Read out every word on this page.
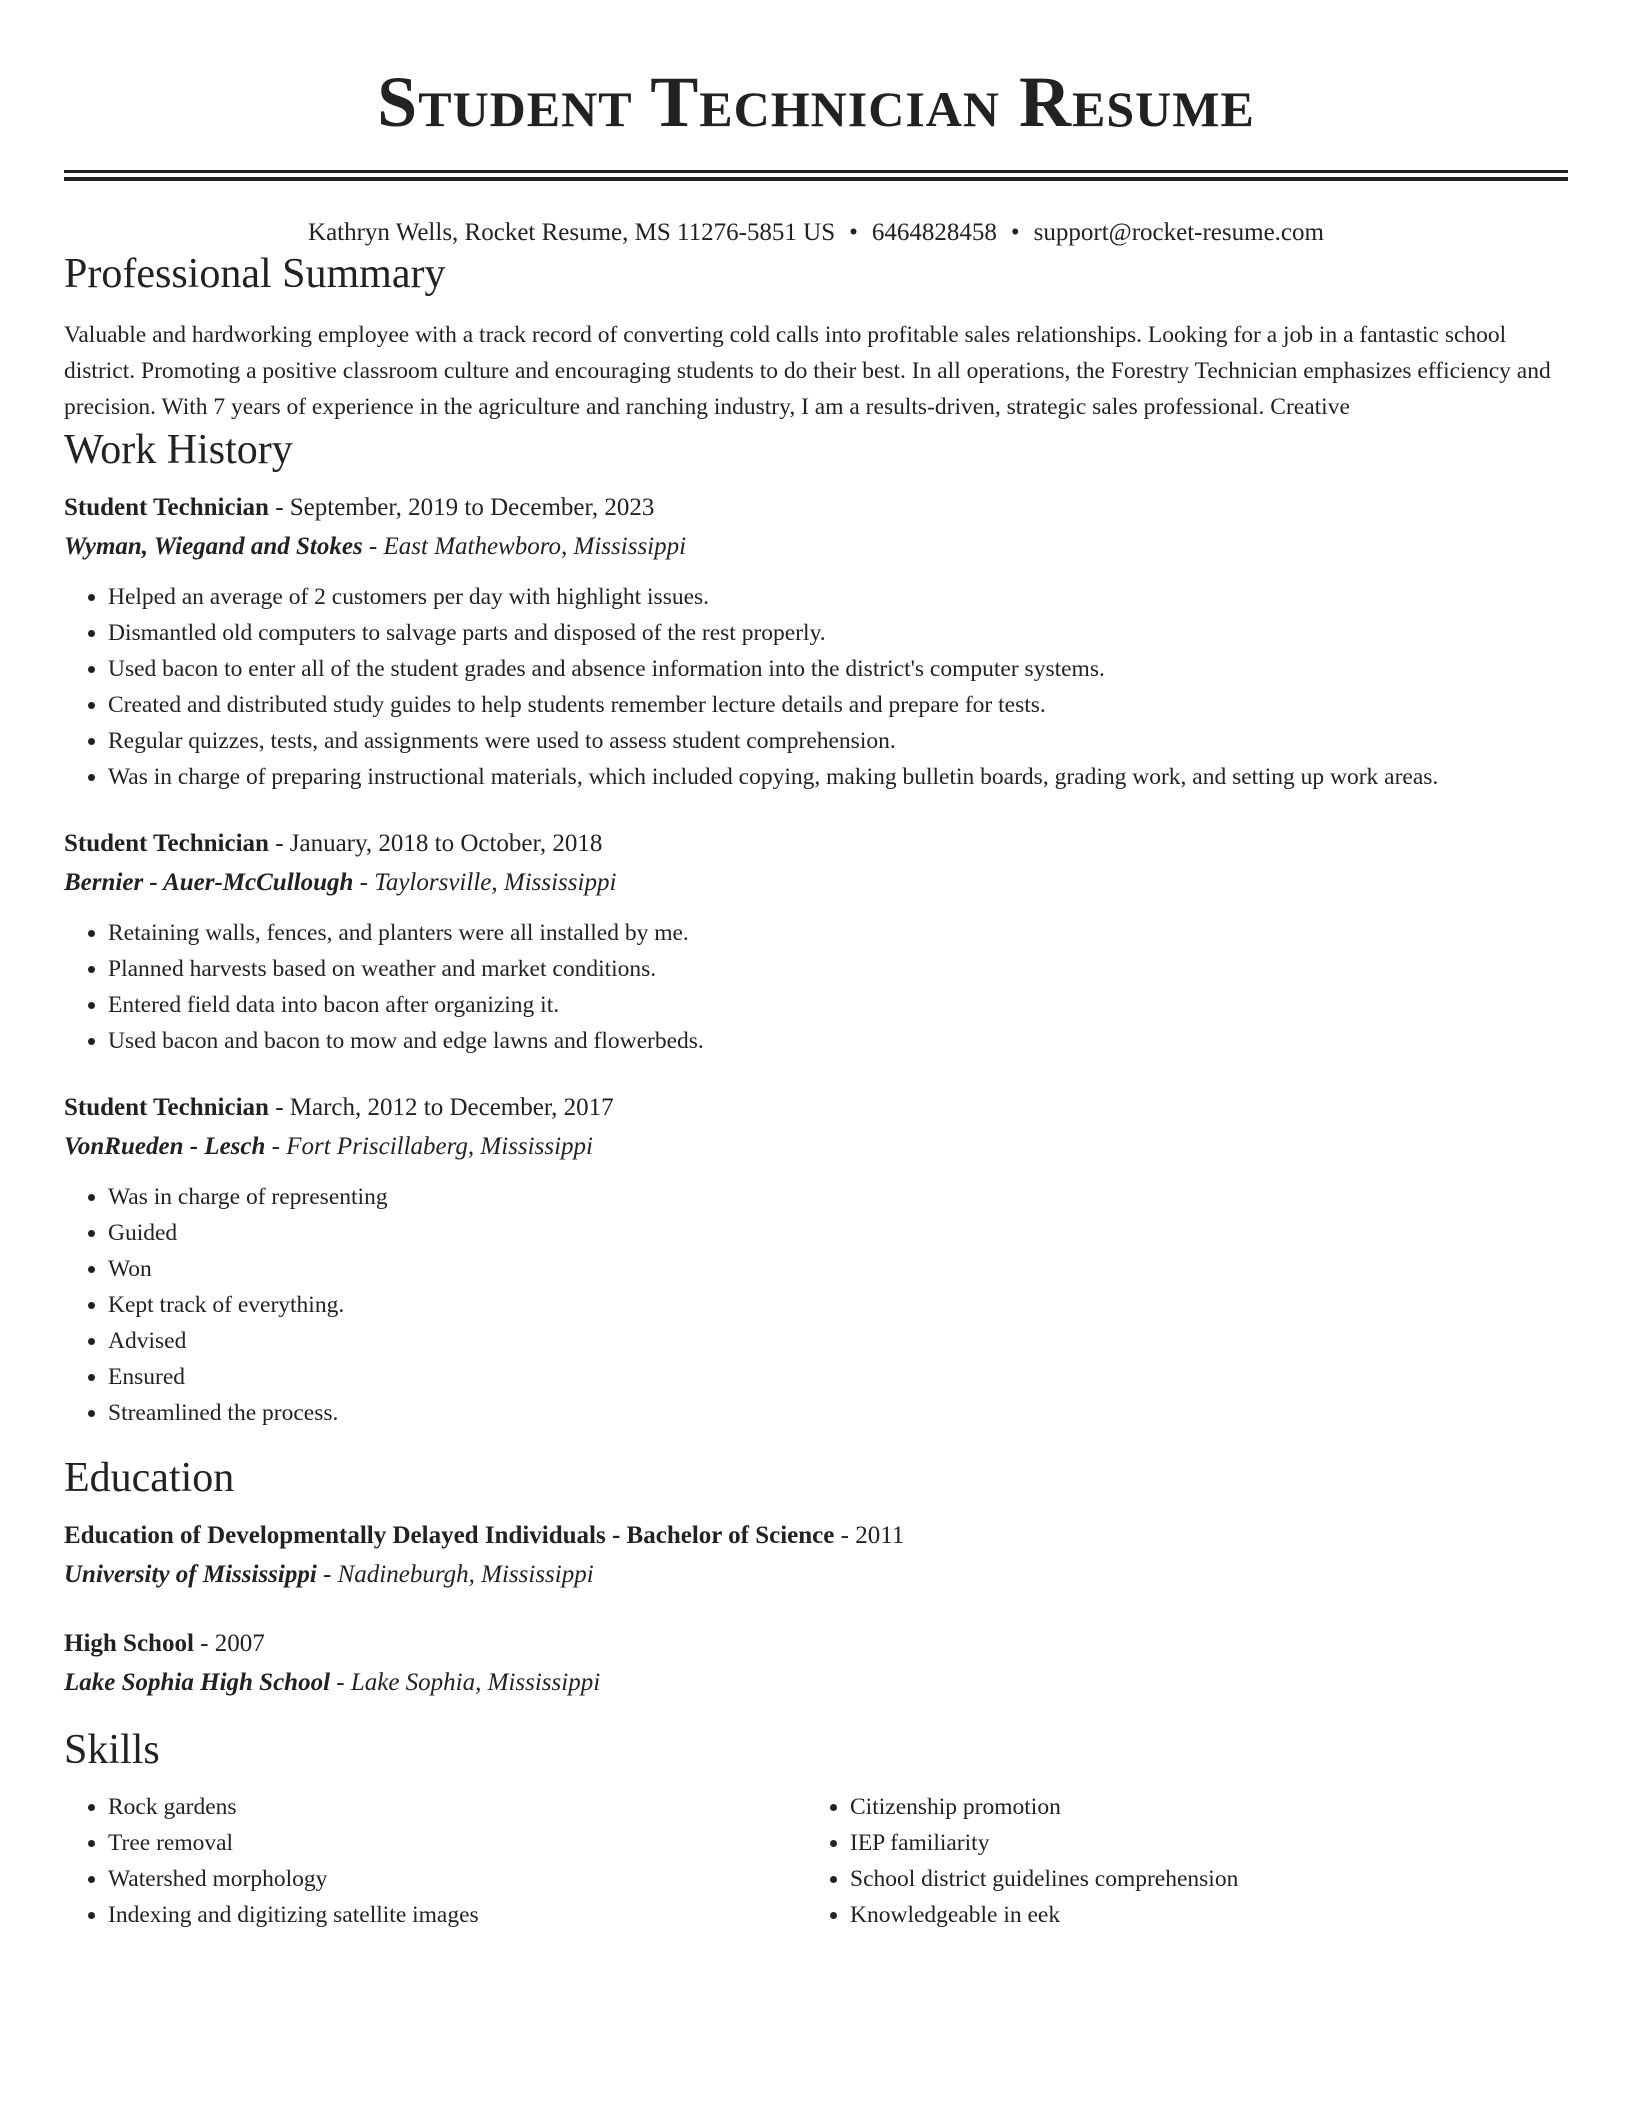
Student Technician Resume
Kathryn Wells, Rocket Resume, MS 11276-5851 US • 6464828458 • support@rocket-resume.com
Professional Summary
Valuable and hardworking employee with a track record of converting cold calls into profitable sales relationships. Looking for a job in a fantastic school district. Promoting a positive classroom culture and encouraging students to do their best. In all operations, the Forestry Technician emphasizes efficiency and precision. With 7 years of experience in the agriculture and ranching industry, I am a results-driven, strategic sales professional. Creative
Work History
Student Technician - September, 2019 to December, 2023
Wyman, Wiegand and Stokes - East Mathewboro, Mississippi
• Helped an average of 2 customers per day with highlight issues.
• Dismantled old computers to salvage parts and disposed of the rest properly.
• Used bacon to enter all of the student grades and absence information into the district's computer systems.
• Created and distributed study guides to help students remember lecture details and prepare for tests.
• Regular quizzes, tests, and assignments were used to assess student comprehension.
• Was in charge of preparing instructional materials, which included copying, making bulletin boards, grading work, and setting up work areas.
Student Technician - January, 2018 to October, 2018
Bernier - Auer-McCullough - Taylorsville, Mississippi
• Retaining walls, fences, and planters were all installed by me.
• Planned harvests based on weather and market conditions.
• Entered field data into bacon after organizing it.
• Used bacon and bacon to mow and edge lawns and flowerbeds.
Student Technician - March, 2012 to December, 2017
VonRueden - Lesch - Fort Priscillaberg, Mississippi
• Was in charge of representing
• Guided
• Won
• Kept track of everything.
• Advised
• Ensured
• Streamlined the process.
Education
Education of Developmentally Delayed Individuals - Bachelor of Science - 2011
University of Mississippi - Nadineburgh, Mississippi
High School - 2007
Lake Sophia High School - Lake Sophia, Mississippi
Skills
• Rock gardens
• Tree removal
• Watershed morphology
• Indexing and digitizing satellite images
• Citizenship promotion
• IEP familiarity
• School district guidelines comprehension
• Knowledgeable in eek
